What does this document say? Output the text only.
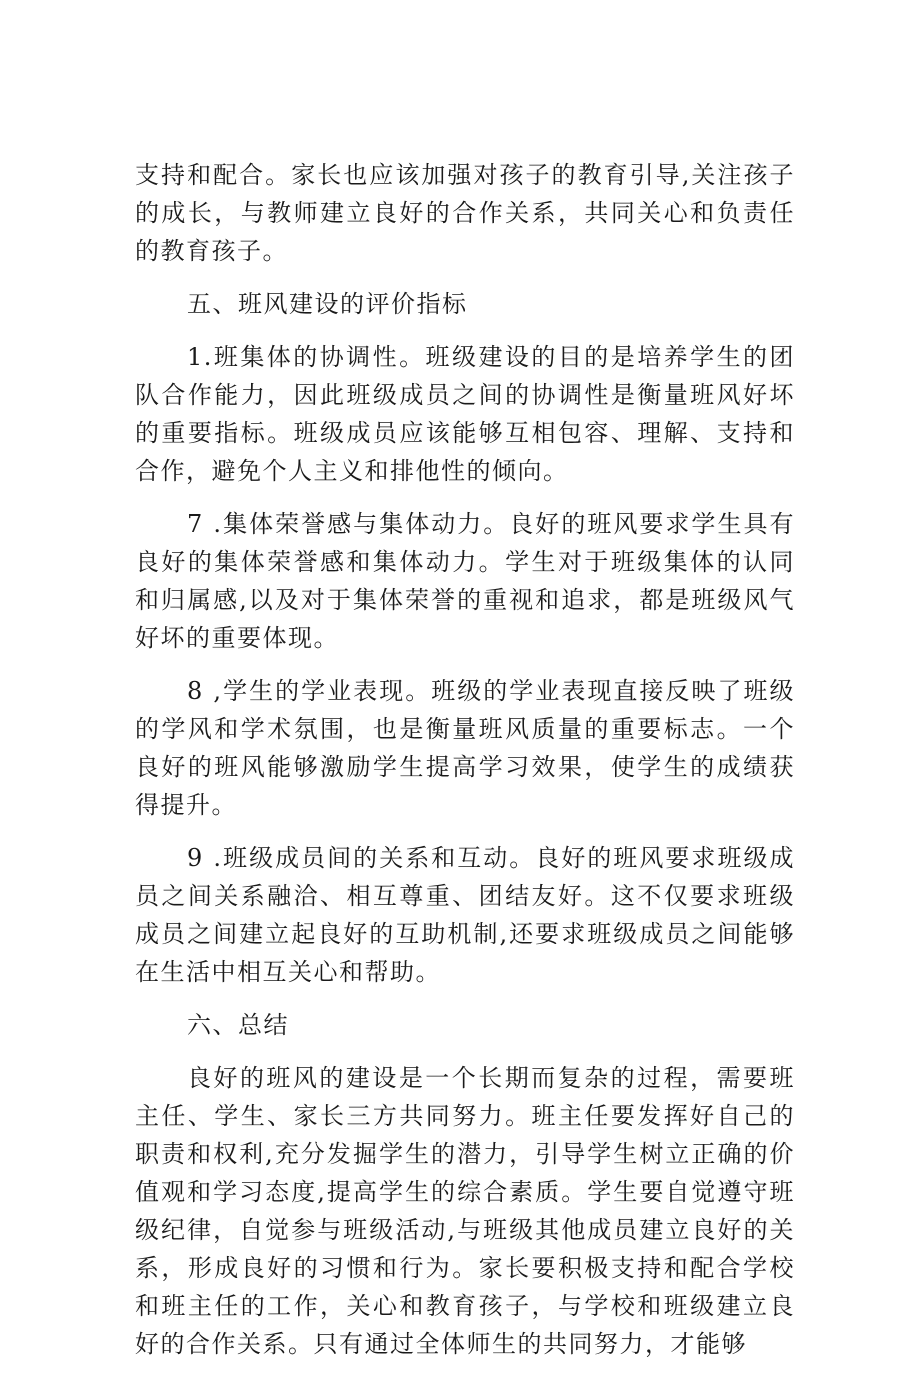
支持和配合。家长也应该加强对孩子的教育引导,关注孩子的成长，与教师建立良好的合作关系，共同关心和负责任的教育孩子。

五、班风建设的评价指标

1.班集体的协调性。班级建设的目的是培养学生的团队合作能力，因此班级成员之间的协调性是衡量班风好坏的重要指标。班级成员应该能够互相包容、理解、支持和合作，避免个人主义和排他性的倾向。

7 .集体荣誉感与集体动力。良好的班风要求学生具有良好的集体荣誉感和集体动力。学生对于班级集体的认同和归属感,以及对于集体荣誉的重视和追求，都是班级风气好坏的重要体现。

8 ,学生的学业表现。班级的学业表现直接反映了班级的学风和学术氛围，也是衡量班风质量的重要标志。一个良好的班风能够激励学生提高学习效果，使学生的成绩获得提升。

9 .班级成员间的关系和互动。良好的班风要求班级成员之间关系融洽、相互尊重、团结友好。这不仅要求班级成员之间建立起良好的互助机制,还要求班级成员之间能够在生活中相互关心和帮助。

六、总结

良好的班风的建设是一个长期而复杂的过程，需要班主任、学生、家长三方共同努力。班主任要发挥好自己的职责和权利,充分发掘学生的潜力，引导学生树立正确的价值观和学习态度,提高学生的综合素质。学生要自觉遵守班级纪律，自觉参与班级活动,与班级其他成员建立良好的关系，形成良好的习惯和行为。家长要积极支持和配合学校和班主任的工作，关心和教育孩子，与学校和班级建立良好的合作关系。只有通过全体师生的共同努力，才能够
